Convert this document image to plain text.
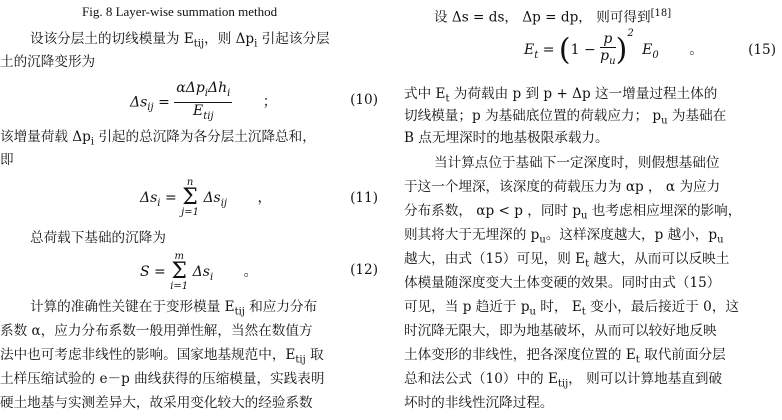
Fig. 8 Layer-wise summation method
设该分层土的切线模量为 $E_{tij}$，则 $\Delta p_i$ 引起该分层
土的沉降变形为
$\Delta s_{ij} = \frac{\alpha\Delta p_i\Delta h_i}{E_{tij}}$ ；	(10)
该增量荷载 $\Delta p_i$ 引起的总沉降为各分层土沉降总和，
即
$\Delta s_i$ =
n
Σ
j=1
$\Delta s_{ij}$ ，	(11)
总荷载下基础的沉降为
S =
m
Σ
i=1
$\Delta s_i$ 。	(12)
计算的准确性关键在于变形模量 $E_{tij}$ 和应力分布
系数 α，应力分布系数一般用弹性解，当然在数值方
法中也可考虑非线性的影响。国家地基规范中，$E_{tij}$ 取
土样压缩试验的 e－p 曲线获得的压缩模量，实践表明
硬土地基与实测差异大，故采用变化较大的经验系数
设 Δs = ds， Δp = dp， 则可得到[18]
$E_t = (1 - \frac{p}{p_u} )^2$ $E_0$ 。	(15)
式中 $E_t$ 为荷载由 p 到 p + Δp 这一增量过程土体的
切线模量；p 为基础底位置的荷载应力； $p_u$ 为基础在
B 点无埋深时的地基极限承载力。
当计算点位于基础下一定深度时，则假想基础位
于这一个埋深，该深度的荷载压力为 αp ， α 为应力
分布系数， αp < p ，同时 $p_u$ 也考虑相应埋深的影响，
则其将大于无埋深的 $p_u$。这样深度越大，p 越小，$p_u$
越大，由式（15）可见，则 $E_t$ 越大，从而可以反映土
体模量随深度变大土体变硬的效果。同时由式（15）
可见，当 p 趋近于 $p_u$ 时， $E_t$ 变小，最后接近于 0，这
时沉降无限大，即为地基破坏，从而可以较好地反映
土体变形的非线性，把各深度位置的 $E_t$ 取代前面分层
总和法公式（10）中的 $E_{tij}$， 则可以计算地基直到破
坏时的非线性沉降过程。
